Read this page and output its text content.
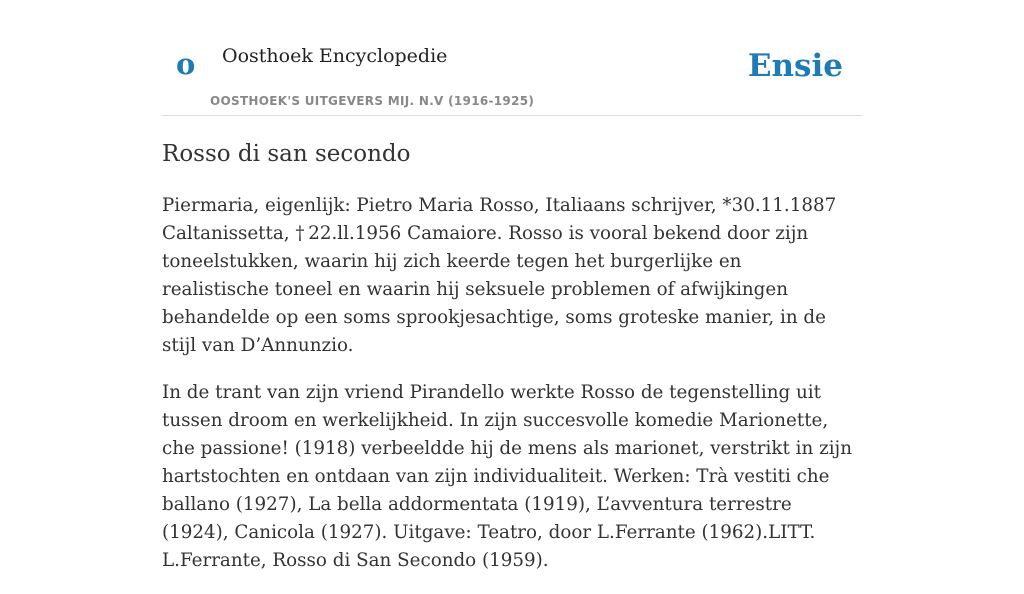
o Oosthoek Encyclopedie
OOSTHOEK'S UITGEVERS MIJ. N.V (1916-1925)
Ensie
Rosso di san secondo

Piermaria, eigenlijk: Pietro Maria Rosso, Italiaans schrijver, *30.11.1887 Caltanissetta, † 22.ll.1956 Camaiore. Rosso is vooral bekend door zijn toneelstukken, waarin hij zich keerde tegen het burgerlijke en realistische toneel en waarin hij seksuele problemen of afwijkingen behandelde op een soms sprookjesachtige, soms groteske manier, in de stijl van D’Annunzio.

In de trant van zijn vriend Pirandello werkte Rosso de tegenstelling uit tussen droom en werkelijkheid. In zijn succesvolle komedie Marionette, che passione! (1918) verbeeldde hij de mens als marionet, verstrikt in zijn hartstochten en ontdaan van zijn individualiteit. Werken: Trà vestiti che ballano (1927), La bella addormentata (1919), L’avventura terrestre (1924), Canicola (1927). Uitgave: Teatro, door L.Ferrante (1962).LITT. L.Ferrante, Rosso di San Secondo (1959).
